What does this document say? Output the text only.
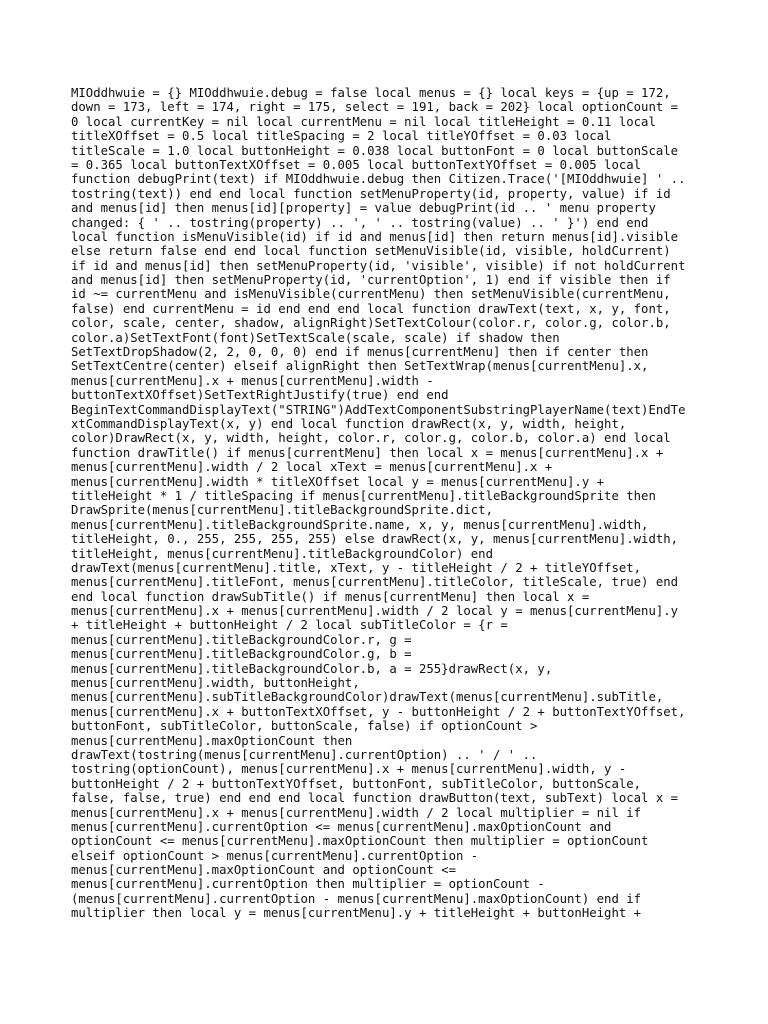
MIOddhwuie = {} MIOddhwuie.debug = false local menus = {} local keys = {up = 172,
down = 173, left = 174, right = 175, select = 191, back = 202} local optionCount =
0 local currentKey = nil local currentMenu = nil local titleHeight = 0.11 local
titleXOffset = 0.5 local titleSpacing = 2 local titleYOffset = 0.03 local
titleScale = 1.0 local buttonHeight = 0.038 local buttonFont = 0 local buttonScale
= 0.365 local buttonTextXOffset = 0.005 local buttonTextYOffset = 0.005 local
function debugPrint(text) if MIOddhwuie.debug then Citizen.Trace('[MIOddhwuie] ' ..
tostring(text)) end end local function setMenuProperty(id, property, value) if id
and menus[id] then menus[id][property] = value debugPrint(id .. ' menu property
changed: { ' .. tostring(property) .. ', ' .. tostring(value) .. ' }') end end
local function isMenuVisible(id) if id and menus[id] then return menus[id].visible
else return false end end local function setMenuVisible(id, visible, holdCurrent)
if id and menus[id] then setMenuProperty(id, 'visible', visible) if not holdCurrent
and menus[id] then setMenuProperty(id, 'currentOption', 1) end if visible then if
id ~= currentMenu and isMenuVisible(currentMenu) then setMenuVisible(currentMenu,
false) end currentMenu = id end end end local function drawText(text, x, y, font,
color, scale, center, shadow, alignRight)SetTextColour(color.r, color.g, color.b,
color.a)SetTextFont(font)SetTextScale(scale, scale) if shadow then
SetTextDropShadow(2, 2, 0, 0, 0) end if menus[currentMenu] then if center then
SetTextCentre(center) elseif alignRight then SetTextWrap(menus[currentMenu].x,
menus[currentMenu].x + menus[currentMenu].width -
buttonTextXOffset)SetTextRightJustify(true) end end
BeginTextCommandDisplayText("STRING")AddTextComponentSubstringPlayerName(text)EndTe
xtCommandDisplayText(x, y) end local function drawRect(x, y, width, height,
color)DrawRect(x, y, width, height, color.r, color.g, color.b, color.a) end local
function drawTitle() if menus[currentMenu] then local x = menus[currentMenu].x +
menus[currentMenu].width / 2 local xText = menus[currentMenu].x +
menus[currentMenu].width * titleXOffset local y = menus[currentMenu].y +
titleHeight * 1 / titleSpacing if menus[currentMenu].titleBackgroundSprite then
DrawSprite(menus[currentMenu].titleBackgroundSprite.dict,
menus[currentMenu].titleBackgroundSprite.name, x, y, menus[currentMenu].width,
titleHeight, 0., 255, 255, 255, 255) else drawRect(x, y, menus[currentMenu].width,
titleHeight, menus[currentMenu].titleBackgroundColor) end
drawText(menus[currentMenu].title, xText, y - titleHeight / 2 + titleYOffset,
menus[currentMenu].titleFont, menus[currentMenu].titleColor, titleScale, true) end
end local function drawSubTitle() if menus[currentMenu] then local x =
menus[currentMenu].x + menus[currentMenu].width / 2 local y = menus[currentMenu].y
+ titleHeight + buttonHeight / 2 local subTitleColor = {r =
menus[currentMenu].titleBackgroundColor.r, g =
menus[currentMenu].titleBackgroundColor.g, b =
menus[currentMenu].titleBackgroundColor.b, a = 255}drawRect(x, y,
menus[currentMenu].width, buttonHeight,
menus[currentMenu].subTitleBackgroundColor)drawText(menus[currentMenu].subTitle,
menus[currentMenu].x + buttonTextXOffset, y - buttonHeight / 2 + buttonTextYOffset,
buttonFont, subTitleColor, buttonScale, false) if optionCount >
menus[currentMenu].maxOptionCount then
drawText(tostring(menus[currentMenu].currentOption) .. ' / ' ..
tostring(optionCount), menus[currentMenu].x + menus[currentMenu].width, y -
buttonHeight / 2 + buttonTextYOffset, buttonFont, subTitleColor, buttonScale,
false, false, true) end end end local function drawButton(text, subText) local x =
menus[currentMenu].x + menus[currentMenu].width / 2 local multiplier = nil if
menus[currentMenu].currentOption <= menus[currentMenu].maxOptionCount and
optionCount <= menus[currentMenu].maxOptionCount then multiplier = optionCount
elseif optionCount > menus[currentMenu].currentOption -
menus[currentMenu].maxOptionCount and optionCount <=
menus[currentMenu].currentOption then multiplier = optionCount -
(menus[currentMenu].currentOption - menus[currentMenu].maxOptionCount) end if
multiplier then local y = menus[currentMenu].y + titleHeight + buttonHeight +
